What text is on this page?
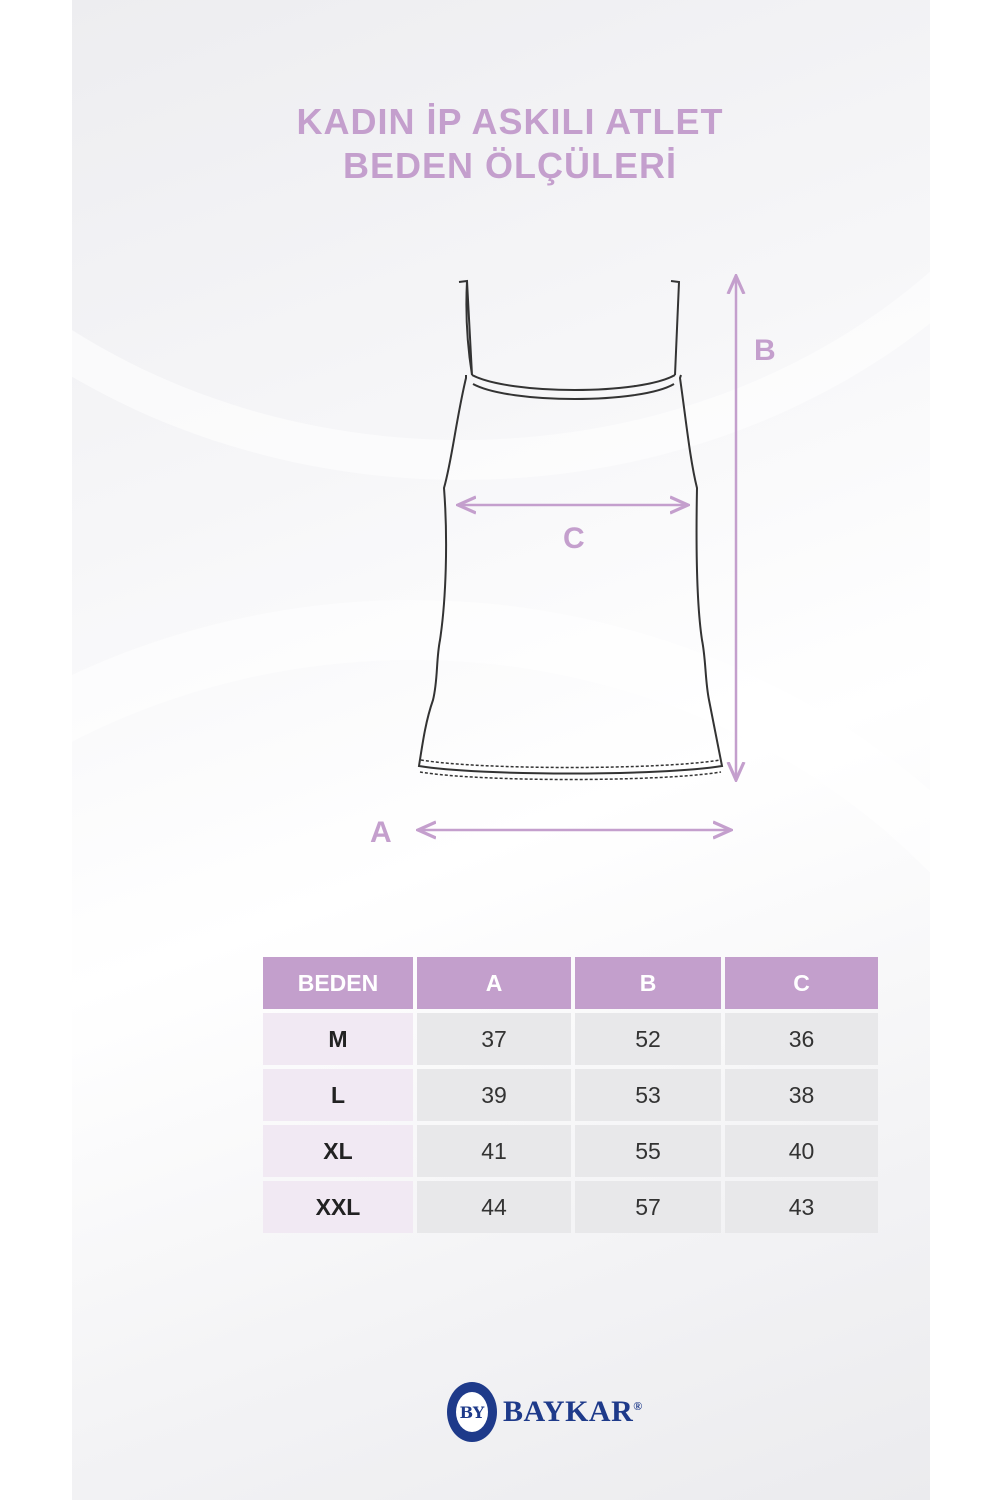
KADIN İP ASKILI ATLET
BEDEN ÖLÇÜLERİ
B
C
A
BEDEN	A	B	C
M	37	52	36
L	39	53	38
XL	41	55	40
XXL	44	57	43
BY BAYKAR®
